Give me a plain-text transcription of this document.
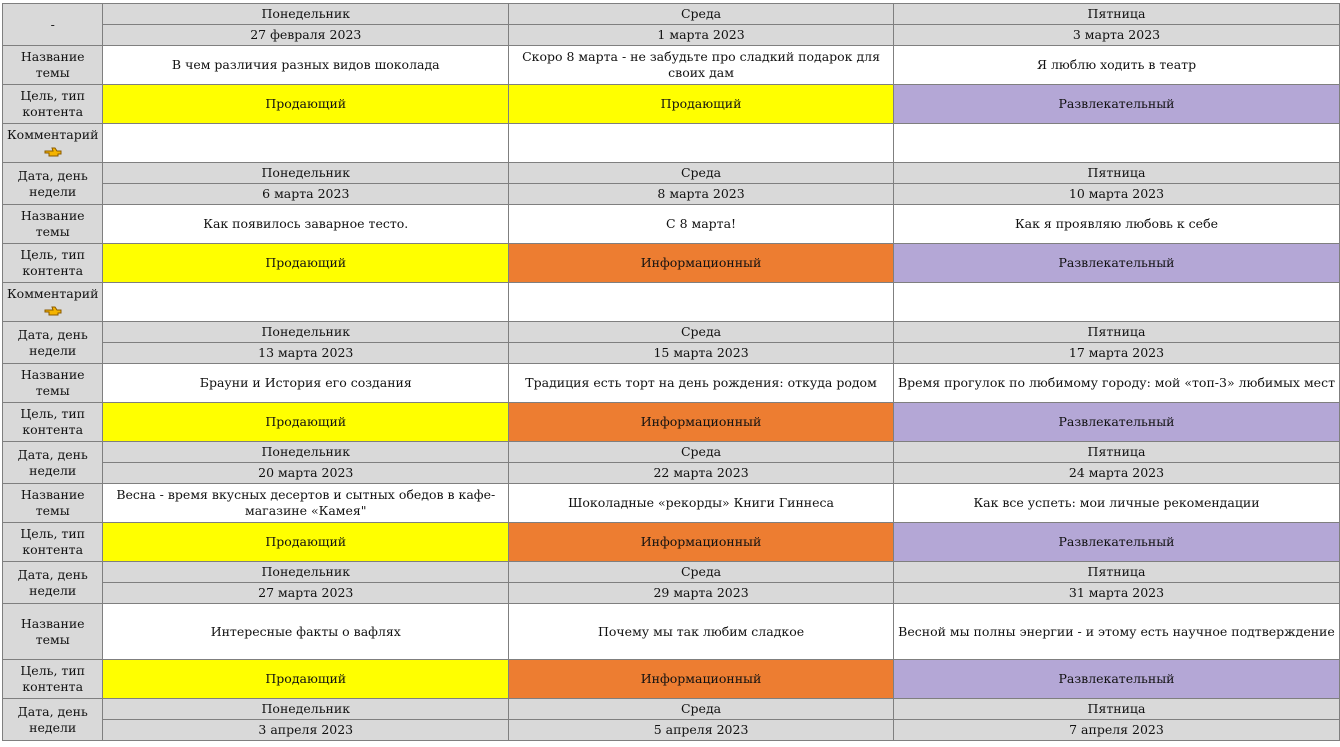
-	Понедельник	Среда	Пятница
	27 февраля 2023	1 марта 2023	3 марта 2023
Название темы	В чем различия разных видов шоколада	Скоро 8 марта - не забудьте про сладкий подарок для своих дам	Я люблю ходить в театр
Цель, тип контента	Продающий	Продающий	Развлекательный
Комментарий

Дата, день недели	Понедельник	Среда	Пятница
	6 марта 2023	8 марта 2023	10 марта 2023
Название темы	Как появилось заварное тесто.	С 8 марта!	Как я проявляю любовь к себе
Цель, тип контента	Продающий	Информационный	Развлекательный
Комментарий

Дата, день недели	Понедельник	Среда	Пятница
	13 марта 2023	15 марта 2023	17 марта 2023
Название темы	Брауни и История его создания	Традиция есть торт на день рождения: откуда родом	Время прогулок по любимому городу: мой «топ-3» любимых мест
Цель, тип контента	Продающий	Информационный	Развлекательный
Дата, день недели	Понедельник	Среда	Пятница
	20 марта 2023	22 марта 2023	24 марта 2023
Название темы	Весна - время вкусных десертов и сытных обедов в кафе-магазине «Камея"	Шоколадные «рекорды» Книги Гиннеса	Как все успеть: мои личные рекомендации
Цель, тип контента	Продающий	Информационный	Развлекательный
Дата, день недели	Понедельник	Среда	Пятница
	27 марта 2023	29 марта 2023	31 марта 2023
Название темы	Интересные факты о вафлях	Почему мы так любим сладкое	Весной мы полны энергии - и этому есть научное подтверждение
Цель, тип контента	Продающий	Информационный	Развлекательный
Дата, день недели	Понедельник	Среда	Пятница
	3 апреля 2023	5 апреля 2023	7 апреля 2023
